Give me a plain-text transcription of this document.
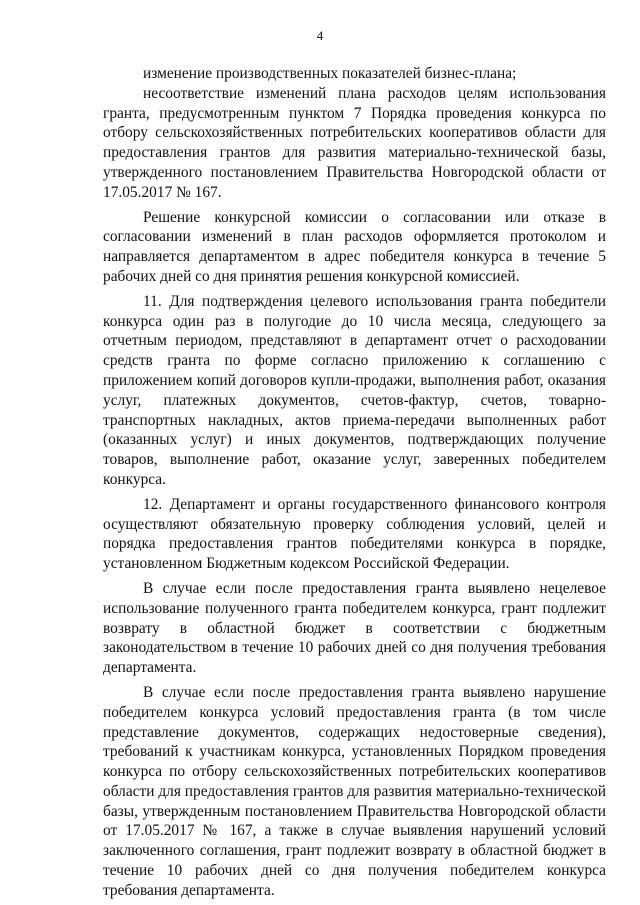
4

изменение производственных показателей бизнес-плана;

несоответствие изменений плана расходов целям использования гранта, предусмотренным пунктом 7 Порядка проведения конкурса по отбору сельскохозяйственных потребительских кооперативов области для предоставления грантов для развития материально-технической базы, утвержденного постановлением Правительства Новгородской области от 17.05.2017 № 167.

Решение конкурсной комиссии о согласовании или отказе в согласовании изменений в план расходов оформляется протоколом и направляется департаментом в адрес победителя конкурса в течение 5 рабочих дней со дня принятия решения конкурсной комиссией.

11. Для подтверждения целевого использования гранта победители конкурса один раз в полугодие до 10 числа месяца, следующего за отчетным периодом, представляют в департамент отчет о расходовании средств гранта по форме согласно приложению к соглашению с приложением копий договоров купли-продажи, выполнения работ, оказания услуг, платежных документов, счетов-фактур, счетов, товарно-транспортных накладных, актов приема-передачи выполненных работ (оказанных услуг) и иных документов, подтверждающих получение товаров, выполнение работ, оказание услуг, заверенных победителем конкурса.

12. Департамент и органы государственного финансового контроля осуществляют обязательную проверку соблюдения условий, целей и порядка предоставления грантов победителями конкурса в порядке, установленном Бюджетным кодексом Российской Федерации.

В случае если после предоставления гранта выявлено нецелевое использование полученного гранта победителем конкурса, грант подлежит возврату в областной бюджет в соответствии с бюджетным законодательством в течение 10 рабочих дней со дня получения требования департамента.

В случае если после предоставления гранта выявлено нарушение победителем конкурса условий предоставления гранта (в том числе представление документов, содержащих недостоверные сведения), требований к участникам конкурса, установленных Порядком проведения конкурса по отбору сельскохозяйственных потребительских кооперативов области для предоставления грантов для развития материально-технической базы, утвержденным постановлением Правительства Новгородской области от 17.05.2017 № 167, а также в случае выявления нарушений условий заключенного соглашения, грант подлежит возврату в областной бюджет в течение 10 рабочих дней со дня получения победителем конкурса требования департамента.
